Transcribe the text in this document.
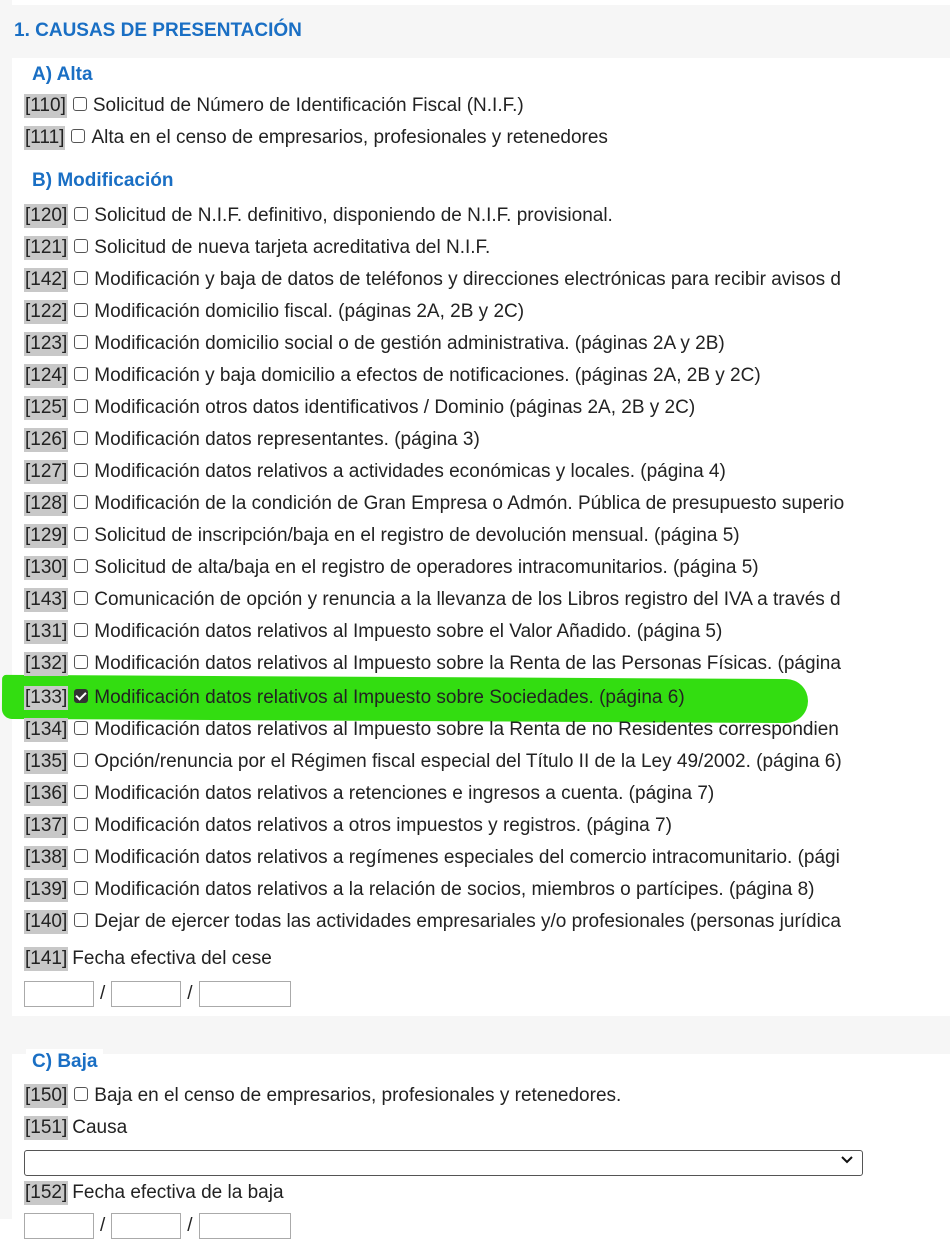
1. CAUSAS DE PRESENTACIÓN
A) Alta
B) Modificación
C) Baja
[110] Solicitud de Número de Identificación Fiscal (N.I.F.)
[111] Alta en el censo de empresarios, profesionales y retenedores
[120] Solicitud de N.I.F. definitivo, disponiendo de N.I.F. provisional.
[121] Solicitud de nueva tarjeta acreditativa del N.I.F.
[142] Modificación y baja de datos de teléfonos y direcciones electrónicas para recibir avisos d
[122] Modificación domicilio fiscal. (páginas 2A, 2B y 2C)
[123] Modificación domicilio social o de gestión administrativa. (páginas 2A y 2B)
[124] Modificación y baja domicilio a efectos de notificaciones. (páginas 2A, 2B y 2C)
[125] Modificación otros datos identificativos / Dominio (páginas 2A, 2B y 2C)
[126] Modificación datos representantes. (página 3)
[127] Modificación datos relativos a actividades económicas y locales. (página 4)
[128] Modificación de la condición de Gran Empresa o Admón. Pública de presupuesto superio
[129] Solicitud de inscripción/baja en el registro de devolución mensual. (página 5)
[130] Solicitud de alta/baja en el registro de operadores intracomunitarios. (página 5)
[143] Comunicación de opción y renuncia a la llevanza de los Libros registro del IVA a través d
[131] Modificación datos relativos al Impuesto sobre el Valor Añadido. (página 5)
[132] Modificación datos relativos al Impuesto sobre la Renta de las Personas Físicas. (página
[133] Modificación datos relativos al Impuesto sobre Sociedades. (página 6)
[134] Modificación datos relativos al Impuesto sobre la Renta de no Residentes correspondien
[135] Opción/renuncia por el Régimen fiscal especial del Título II de la Ley 49/2002. (página 6)
[136] Modificación datos relativos a retenciones e ingresos a cuenta. (página 7)
[137] Modificación datos relativos a otros impuestos y registros. (página 7)
[138] Modificación datos relativos a regímenes especiales del comercio intracomunitario. (pági
[139] Modificación datos relativos a la relación de socios, miembros o partícipes. (página 8)
[140] Dejar de ejercer todas las actividades empresariales y/o profesionales (personas jurídica
[141] Fecha efectiva del cese
[150] Baja en el censo de empresarios, profesionales y retenedores.
[151] Causa
[152] Fecha efectiva de la baja
/	/
/	/
